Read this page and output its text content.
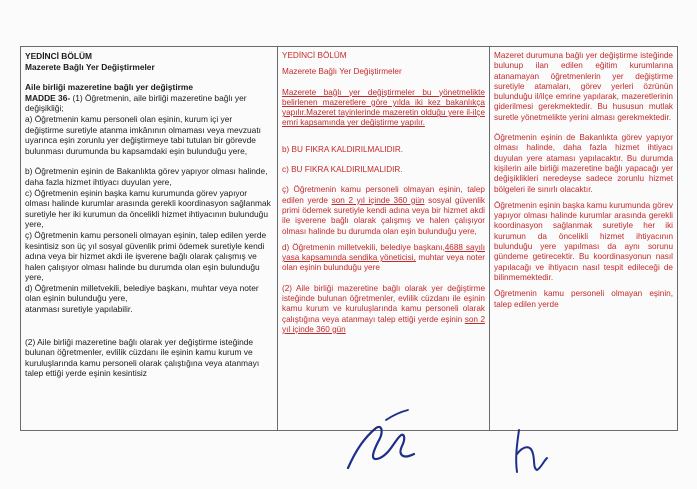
YEDİNCİ BÖLÜM

Mazerete Bağlı Yer Değiştirmeler

Aile birliği mazeretine bağlı yer değiştirme

MADDE 36- (1) Öğretmenin, aile birliği mazeretine bağlı yer değişikliği;

a) Öğretmenin kamu personeli olan eşinin, kurum içi yer değiştirme suretiyle atanma imkânının olmaması veya mevzuatı uyarınca eşin zorunlu yer değiştirmeye tabi tutulan bir görevde bulunması durumunda bu kapsamdaki eşin bulunduğu yere,

b) Öğretmenin eşinin de Bakanlıkta görev yapıyor olması halinde, daha fazla hizmet ihtiyacı duyulan yere,

c) Öğretmenin eşinin başka kamu kurumunda görev yapıyor olması halinde kurumlar arasında gerekli koordinasyon sağlanmak suretiyle her iki kurumun da öncelikli hizmet ihtiyacının bulunduğu yere,

ç) Öğretmenin kamu personeli olmayan eşinin, talep edilen yerde kesintisiz son üç yıl sosyal güvenlik primi ödemek suretiyle kendi adına veya bir hizmet akdi ile işverene bağlı olarak çalışmış ve halen çalışıyor olması halinde bu durumda olan eşin bulunduğu yere,

d) Öğretmenin milletvekili, belediye başkanı, muhtar veya noter olan eşinin bulunduğu yere,

atanması suretiyle yapılabilir.

(2) Aile birliği mazeretine bağlı olarak yer değiştirme isteğinde bulunan öğretmenler, evlilik cüzdanı ile eşinin kamu kurum ve kuruluşlarında kamu personeli olarak çalıştığına veya atanmayı talep ettiği yerde eşinin kesintisiz

YEDİNCİ BÖLÜM

Mazerete Bağlı Yer Değiştirmeler

Mazerete bağlı yer değiştirmeler bu yönetmelikte belirlenen mazeretlere göre yılda iki kez bakanlıkça yapılır.Mazeret tayinlerinde mazeretin olduğu yere il-ilçe emri kapsamında yer değiştirme yapılır.

b) BU FIKRA KALDIRILMALIDIR.

c) BU FIKRA KALDIRILMALIDIR.

ç) Öğretmenin kamu personeli olmayan eşinin, talep edilen yerde son 2 yıl içinde 360 gün sosyal güvenlik primi ödemek suretiyle kendi adına veya bir hizmet akdi ile işverene bağlı olarak çalışmış ve halen çalışıyor olması halinde bu durumda olan eşin bulunduğu yere,

d) Öğretmenin milletvekili, belediye başkanı,4688 sayılı yasa kapsamında sendika yöneticisi, muhtar veya noter olan eşinin bulunduğu yere

(2) Aile birliği mazeretine bağlı olarak yer değiştirme isteğinde bulunan öğretmenler, evlilik cüzdanı ile eşinin kamu kurum ve kuruluşlarında kamu personeli olarak çalıştığına veya atanmayı talep ettiği yerde eşinin son 2 yıl içinde 360 gün

Mazeret durumuna bağlı yer değiştirme isteğinde bulunup ilan edilen eğitim kurumlarına atanamayan öğretmenlerin yer değiştirme suretiyle atamaları, görev yerleri özrünün bulunduğu il/ilçe emrine yapılarak, mazeretlerinin giderilmesi gerekmektedir. Bu hususun mutlak suretle yönetmelikte yerini alması gerekmektedir.

Öğretmenin eşinin de Bakanlıkta görev yapıyor olması halinde, daha fazla hizmet ihtiyacı duyulan yere ataması yapılacaktır. Bu durumda kişilerin aile birliği mazeretine bağlı yapacağı yer değişiklikleri neredeyse sadece zorunlu hizmet bölgeleri ile sınırlı olacaktır.

Öğretmenin eşinin başka kamu kurumunda görev yapıyor olması halinde kurumlar arasında gerekli koordinasyon sağlanmak suretiyle her iki kurumun da öncelikli hizmet ihtiyacının bulunduğu yere yapılması da aynı sorunu gündeme getirecektir. Bu koordinasyonun nasıl yapılacağı ve ihtiyacın nasıl tespit edileceği de bilinmemektedir.

Öğretmenin kamu personeli olmayan eşinin, talep edilen yerde
